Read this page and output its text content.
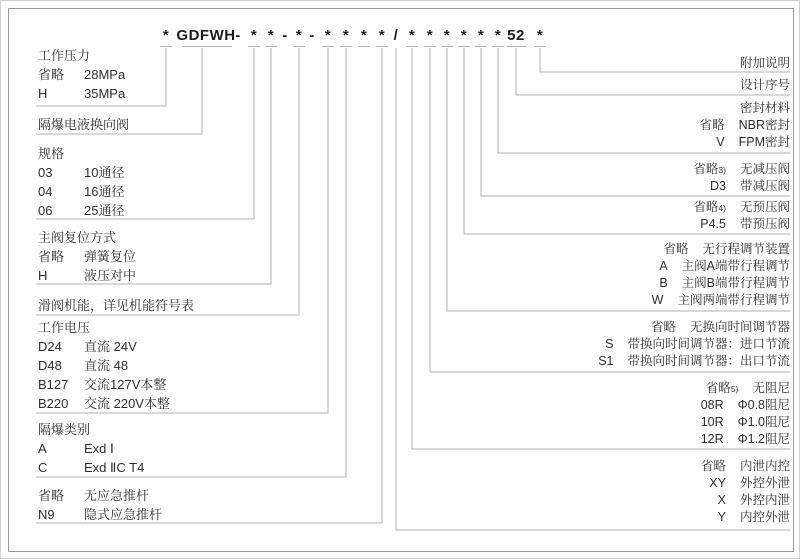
* GDFWH - * * - * - * * * * / * * * * * * 52 *
工作压力
省略 28MPa
H	35MPa
隔爆电液换向阀
规格
03 10通径
04 16通径
06 25通径
主阀复位方式
省略 弹簧复位
H	液压对中
滑阀机能，详见机能符号表
工作电压
D24 直流 24V
D48 直流 48
B127 交流127V本整
B220 交流 220V本整
隔爆类别
A	Exd Ⅰ
C	Exd ⅡC T4
省略 无应急推杆
N9 隐式应急推杆
附加说明
设计序号
密封材料
省略 NBR密封
V FPM密封
省略 3) 无减压阀
D3 带减压阀
省略 4) 无预压阀
P4.5 带预压阀
省略 无行程调节装置
A 主阀A端带行程调节
B 主阀B端带行程调节
W 主阀两端带行程调节
省略 无换向时间调节器
S 带换向时间调节器：进口节流
S1 带换向时间调节器：出口节流
省略 5) 无阻尼
08R Φ0.8阻尼
10R Φ1.0阻尼
12R Φ1.2阻尼
省略 内泄内控
XY 外控外泄
X 外控内泄
Y 内控外泄
